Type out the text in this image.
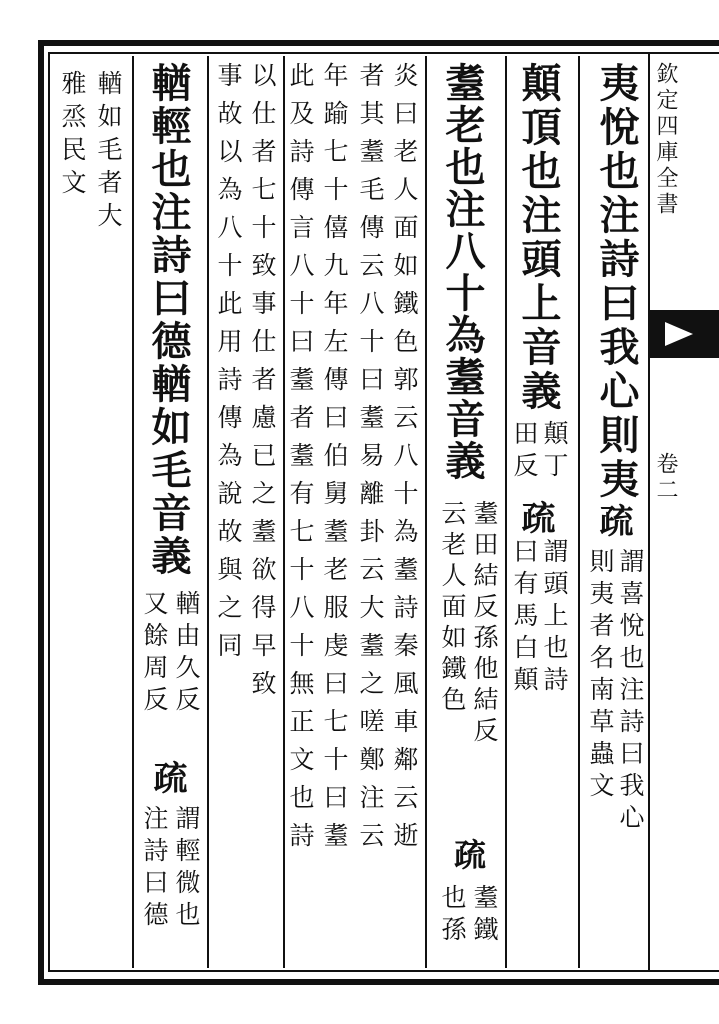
欽定四庫全書
卷二
夷悅也注詩曰我心則夷
疏
謂喜悅也注詩曰我心
則夷者名南草蟲文
顛頂也注頭上音義
顛丁
田反
疏
謂頭上也詩
曰有馬白顛
耋老也注八十為耋音義
耋田結反孫他結反
云老人面如鐵色
疏
耋鐵
也孫
炎曰老人面如鐵色郭云八十為耋詩秦風車鄰云逝
者其耋毛傳云八十曰耋易離卦云大耋之嗟鄭注云
年踰七十僖九年左傳曰伯舅耋老服虔曰七十曰耋
此及詩傳言八十曰耋者耋有七十八十無正文也詩
以仕者七十致事仕者慮已之耋欲得早致
事故以為八十此用詩傳為說故與之同
輶輕也注詩曰德輶如毛音義
輶由久反
又餘周反
疏
謂輕微也
注詩曰德
輶如毛者大
雅烝民文
